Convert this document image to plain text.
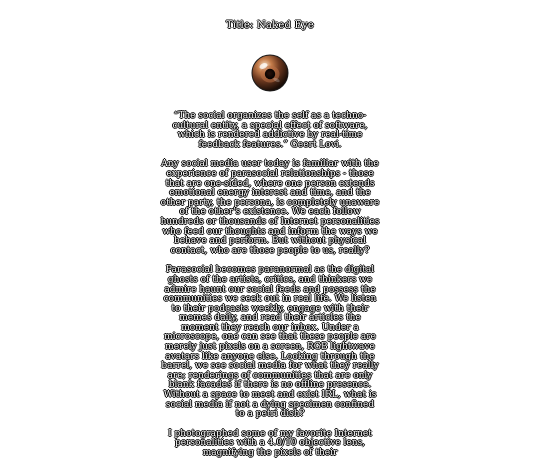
Title: Naked Eye

“The social organizes the self as a techno-cultural entity, a special effect of software, which is rendered addictive by real-time feedback features.” Geert Lovi.

Any social media user today is familiar with the experience of parasocial relationships - those that are one-sided, where one person extends emotional energy interest and time, and the other party, the persona, is completely unaware of the other's existence. We each follow hundreds or thousands of Internet personalities who feed our thoughts and inform the ways we behave and perform. But without physical contact, who are those people to us, really?

Parasocial becomes paranormal as the digital ghosts of the artists, critics, and thinkers we admire haunt our social feeds and possess the communities we seek out in real life. We listen to their podcasts weekly, engage with their memes daily, and read their articles the moment they reach our inbox. Under a microscope, one can see that these people are merely just pixels on a screen, RGB lightwave avatars like anyone else. Looking through the barrel, we see social media for what they really are; renderings of communities that are only blank facades if there is no offline presence. Without a space to meet and exist IRL, what is social media if not a dying specimen confined to a petri dish?

I photographed some of my favorite Internet personalities with a 4.0/10 objective lens, magnifying the pixels of their
